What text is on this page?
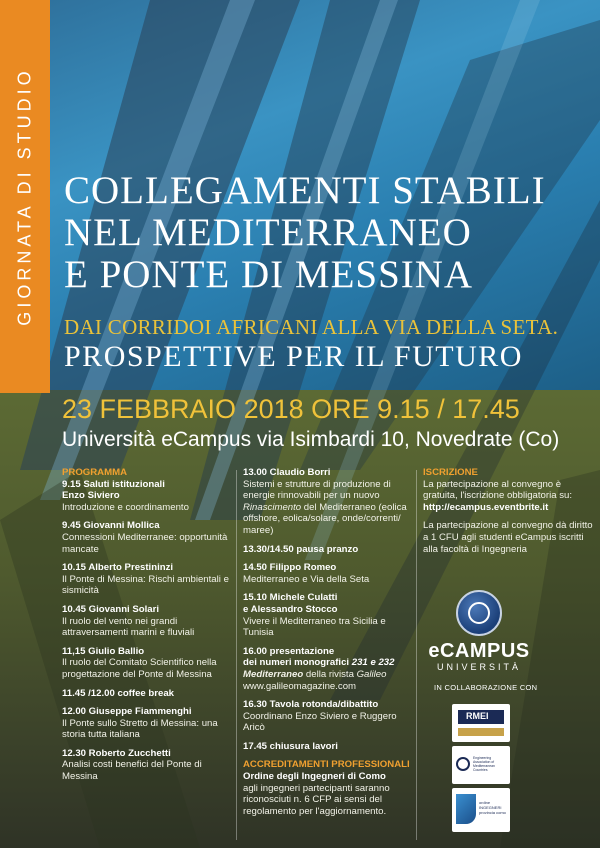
GIORNATA DI STUDIO COLLEGAMENTI STABILI
NEL MEDITERRANEO
E PONTE DI MESSINA
DAI CORRIDOI AFRICANI ALLA VIA DELLA SETA.
PROSPETTIVE PER IL FUTURO
23 FEBBRAIO 2018 ORE 9.15 / 17.45
Università eCampus via Isimbardi 10, Novedrate (Co)
PROGRAMMA
9.15 Saluti istituzionali
Enzo Siviero
Introduzione e coordinamento
9.45 Giovanni Mollica
Connessioni Mediterranee: opportunità mancate
10.15 Alberto Prestininzi
Il Ponte di Messina: Rischi ambientali e sismicità
10.45 Giovanni Solari
Il ruolo del vento nei grandi attraversamenti marini e fluviali
11,15 Giulio Ballio
Il ruolo del Comitato Scientifico nella progettazione del Ponte di Messina
11.45 /12.00 coffee break
12.00 Giuseppe Fiammenghi
Il Ponte sullo Stretto di Messina: una storia tutta italiana
12.30 Roberto Zucchetti
Analisi costi benefici del Ponte di Messina
13.00 Claudio Borri
Sistemi e strutture di produzione di energie rinnovabili per un nuovo Rinascimento del Mediterraneo (eolica offshore, eolica/solare, onde/correnti/ maree)
13.30/14.50 pausa pranzo
14.50 Filippo Romeo
Mediterraneo e Via della Seta
15.10 Michele Culatti
e Alessandro Stocco
Vivere il Mediterraneo tra Sicilia e Tunisia
16.00 presentazione
dei numeri monografici 231 e 232
Mediterraneo della rivista Galileo
www.galileomagazine.com
16.30 Tavola rotonda/dibattito
Coordinano Enzo Siviero e Ruggero Aricò
17.45 chiusura lavori
ACCREDITAMENTI PROFESSIONALI
Ordine degli Ingegneri di Como
agli ingegneri partecipanti saranno riconosciuti n. 6 CFP ai sensi del regolamento per l'aggiornamento.
ISCRIZIONE
La partecipazione al convegno è gratuita, l'iscrizione obbligatoria su:
http://ecampus.eventbrite.it
La partecipazione al convegno dà diritto a 1 CFU agli studenti eCampus iscritti alla facoltà di Ingegneria
eCAMPUS
UNIVERSITÀ
IN COLLABORAZIONE CON
RMEI
Engineering Association of Mediterranean Countries
ordine INGEGNERI provincia como
